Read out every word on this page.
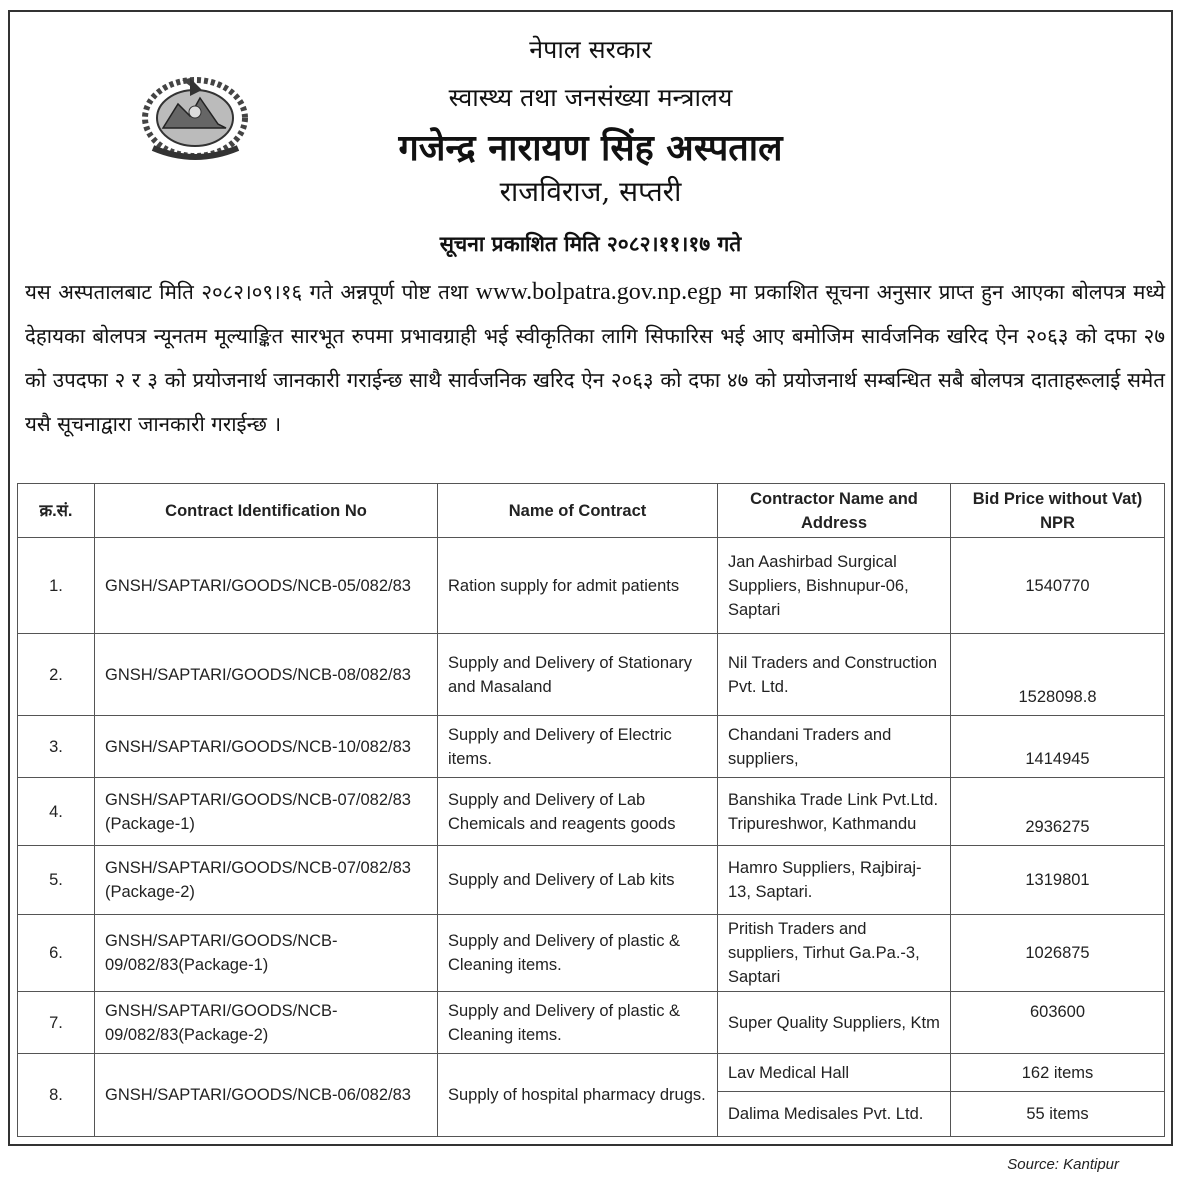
नेपाल सरकार
स्वास्थ्य तथा जनसंख्या मन्त्रालय
गजेन्द्र नारायण सिंह अस्पताल
राजविराज, सप्तरी
सूचना प्रकाशित मिति २०८२।११।१७ गते
यस अस्पतालबाट मिति २०८२।०९।१६ गते अन्नपूर्ण पोष्ट तथा www.bolpatra.gov.np.egp मा प्रकाशित सूचना अनुसार प्राप्त हुन आएका बोलपत्र मध्ये देहायका बोलपत्र न्यूनतम मूल्याङ्कित सारभूत रुपमा प्रभावग्राही भई स्वीकृतिका लागि सिफारिस भई आए बमोजिम सार्वजनिक खरिद ऐन २०६३ को दफा २७ को उपदफा २ र ३ को प्रयोजनार्थ जानकारी गराईन्छ साथै सार्वजनिक खरिद ऐन २०६३ को दफा ४७ को प्रयोजनार्थ सम्बन्धित सबै बोलपत्र दाताहरूलाई समेत यसै सूचनाद्वारा जानकारी गराईन्छ ।
क्र.सं.	Contract Identification No	Name of Contract	Contractor Name and Address	Bid Price without Vat) NPR
1.	GNSH/SAPTARI/GOODS/NCB-05/082/83	Ration supply for admit patients	Jan Aashirbad Surgical Suppliers, Bishnupur-06, Saptari	1540770
2.	GNSH/SAPTARI/GOODS/NCB-08/082/83	Supply and Delivery of Stationary and Masaland	Nil Traders and Construction Pvt. Ltd.	1528098.8
3.	GNSH/SAPTARI/GOODS/NCB-10/082/83	Supply and Delivery of Electric items.	Chandani Traders and suppliers,	1414945
4.	GNSH/SAPTARI/GOODS/NCB-07/082/83 (Package-1)	Supply and Delivery of Lab Chemicals and reagents goods	Banshika Trade Link Pvt.Ltd. Tripureshwor, Kathmandu	2936275
5.	GNSH/SAPTARI/GOODS/NCB-07/082/83 (Package-2)	Supply and Delivery of Lab kits	Hamro Suppliers, Rajbiraj-13, Saptari.	1319801
6.	GNSH/SAPTARI/GOODS/NCB-09/082/83(Package-1)	Supply and Delivery of plastic & Cleaning items.	Pritish Traders and suppliers, Tirhut Ga.Pa.-3, Saptari	1026875
7.	GNSH/SAPTARI/GOODS/NCB-09/082/83(Package-2)	Supply and Delivery of plastic & Cleaning items.	Super Quality Suppliers, Ktm	603600
8.	GNSH/SAPTARI/GOODS/NCB-06/082/83	Supply of hospital pharmacy drugs.	Lav Medical Hall	162 items
			Dalima Medisales Pvt. Ltd.	55 items
Source: Kantipur
